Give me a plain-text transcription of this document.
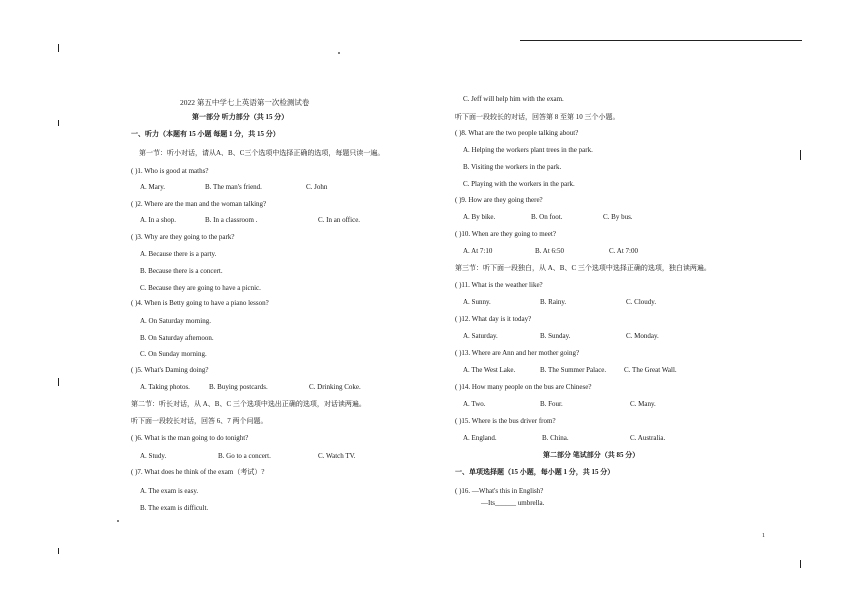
2022 第五中学七上英语第一次检测试卷
第一部分 听力部分（共 15 分）
一、听力（本题有 15 小题 每题 1 分，共 15 分）
第一节：听小对话，请从A、B、C三个选项中选择正确的选项，每题只读一遍。
( )1. Who is good at maths?
A. Mary.	B. The man's friend.	C. John
( )2. Where are the man and the woman talking?
A. In a shop.	B. In a classroom .	C. In an office.
( )3. Why are they going to the park?
A. Because there is a party.
B. Because there is a concert.
C. Because they are going to have a picnic.
( )4. When is Betty going to have a piano lesson?
A. On Saturday morning.
B. On Saturday afternoon.
C. On Sunday morning.
( )5. What's Daming doing?
A. Taking photos.	B. Buying postcards.	C. Drinking Coke.
第二节：听长对话，从 A、B、C 三个选项中选出正确的选项，对话读两遍。
听下面一段较长对话，回答 6、7 两个问题。
( )6. What is the man going to do tonight?
A. Study.	B. Go to a concert.	C. Watch TV.
( )7. What does he think of the exam（考试）?
A. The exam is easy.
B. The exam is difficult.
C. Jeff will help him with the exam.
听下面一段较长的对话，回答第 8 至第 10 三个小题。
( )8. What are the two people talking about?
A. Helping the workers plant trees in the park.
B. Visiting the workers in the park.
C. Playing with the workers in the park.
( )9. How are they going there?
A. By bike.	B. On foot.	C. By bus.
( )10. When are they going to meet?
A. At 7:10	B. At 6:50	C. At 7:00
第三节：听下面一段独白，从 A、B、C 三个选项中选择正确的选项，独白读两遍。
( )11. What is the weather like?
A. Sunny.	B. Rainy.	C. Cloudy.
( )12. What day is it today?
A. Saturday.	B. Sunday.	C. Monday.
( )13. Where are Ann and her mother going?
A. The West Lake.	B. The Summer Palace.	C. The Great Wall.
( )14. How many people on the bus are Chinese?
A. Two.	B. Four.	C. Many.
( )15. Where is the bus driver from?
A. England.	B. China.	C. Australia.
第二部分 笔试部分（共 85 分）
一、单项选择题（15 小题，每小题 1 分，共 15 分）
( )16. —What's this in English?
—Its______ umbrella.
1
